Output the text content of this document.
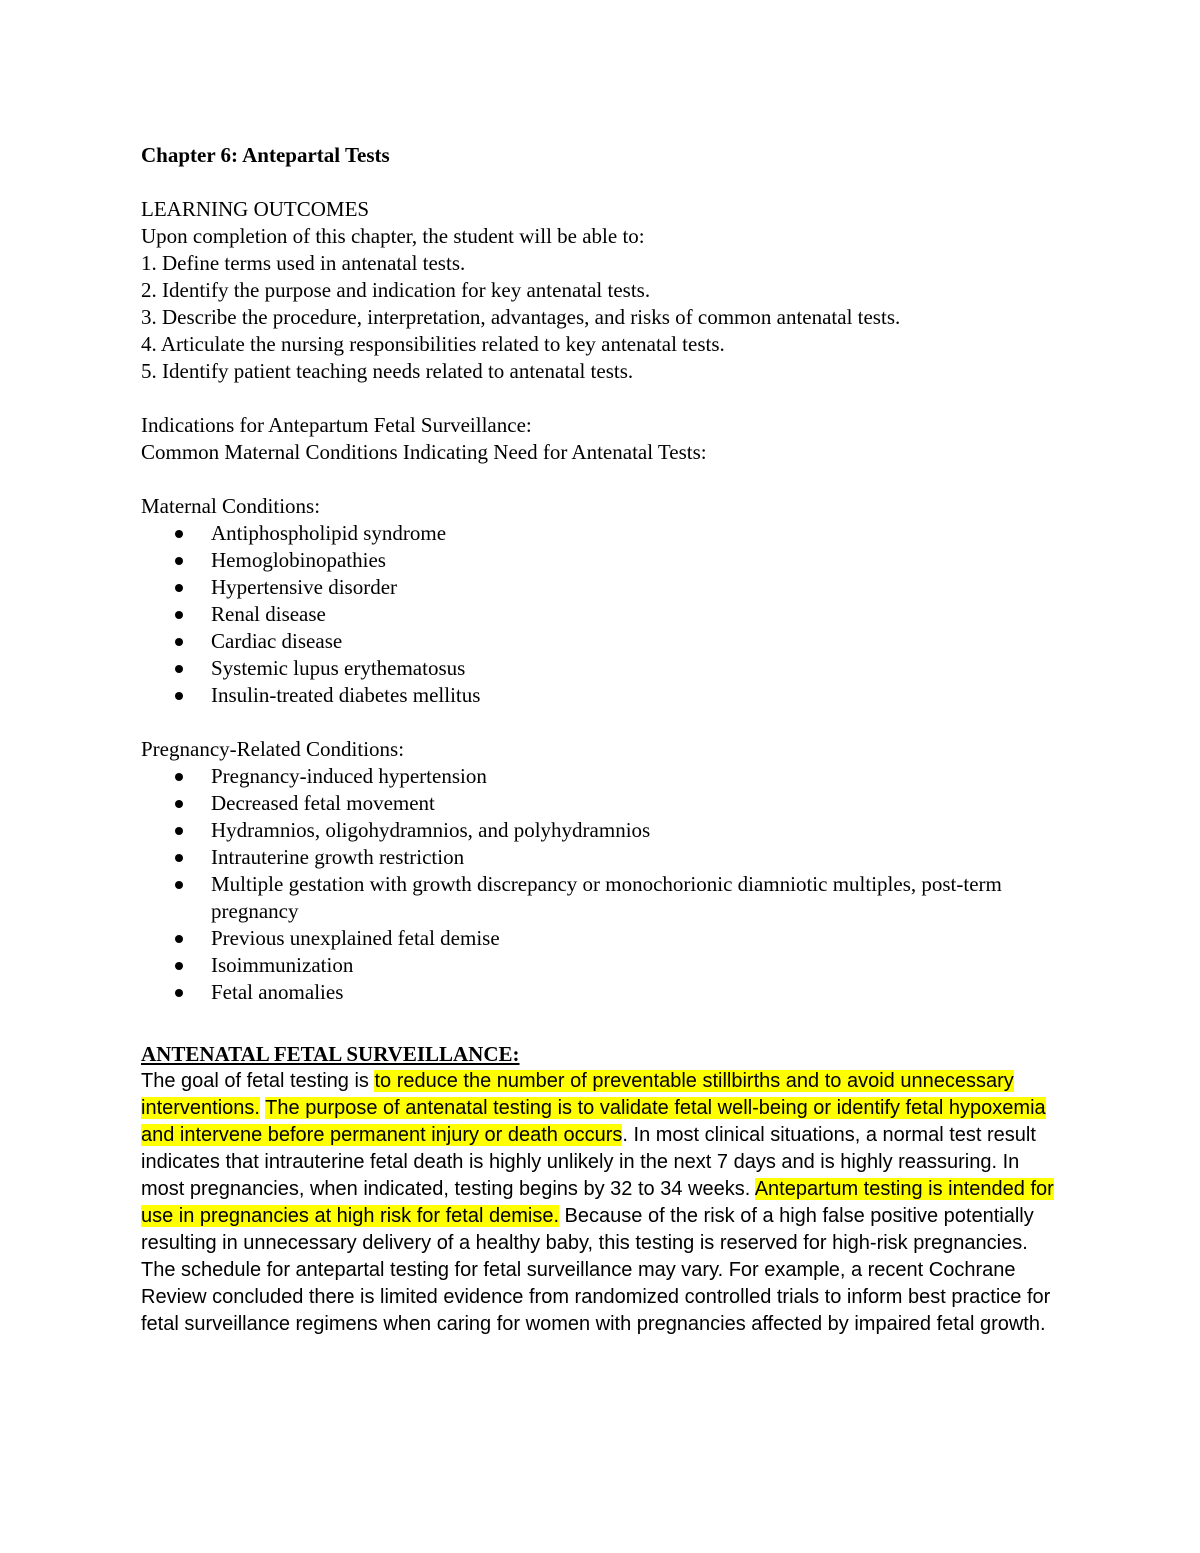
Chapter 6: Antepartal Tests
LEARNING OUTCOMES
Upon completion of this chapter, the student will be able to:
1. Define terms used in antenatal tests.
2. Identify the purpose and indication for key antenatal tests.
3. Describe the procedure, interpretation, advantages, and risks of common antenatal tests.
4. Articulate the nursing responsibilities related to key antenatal tests.
5. Identify patient teaching needs related to antenatal tests.
Indications for Antepartum Fetal Surveillance:
Common Maternal Conditions Indicating Need for Antenatal Tests:
Maternal Conditions:
Antiphospholipid syndrome
Hemoglobinopathies
Hypertensive disorder
Renal disease
Cardiac disease
Systemic lupus erythematosus
Insulin-treated diabetes mellitus
Pregnancy-Related Conditions:
Pregnancy-induced hypertension
Decreased fetal movement
Hydramnios, oligohydramnios, and polyhydramnios
Intrauterine growth restriction
Multiple gestation with growth discrepancy or monochorionic diamniotic multiples, post-term pregnancy
Previous unexplained fetal demise
Isoimmunization
Fetal anomalies
ANTENATAL FETAL SURVEILLANCE:
The goal of fetal testing is to reduce the number of preventable stillbirths and to avoid unnecessary interventions. The purpose of antenatal testing is to validate fetal well-being or identify fetal hypoxemia and intervene before permanent injury or death occurs. In most clinical situations, a normal test result indicates that intrauterine fetal death is highly unlikely in the next 7 days and is highly reassuring. In most pregnancies, when indicated, testing begins by 32 to 34 weeks. Antepartum testing is intended for use in pregnancies at high risk for fetal demise. Because of the risk of a high false positive potentially resulting in unnecessary delivery of a healthy baby, this testing is reserved for high-risk pregnancies. The schedule for antepartal testing for fetal surveillance may vary. For example, a recent Cochrane Review concluded there is limited evidence from randomized controlled trials to inform best practice for fetal surveillance regimens when caring for women with pregnancies affected by impaired fetal growth.
